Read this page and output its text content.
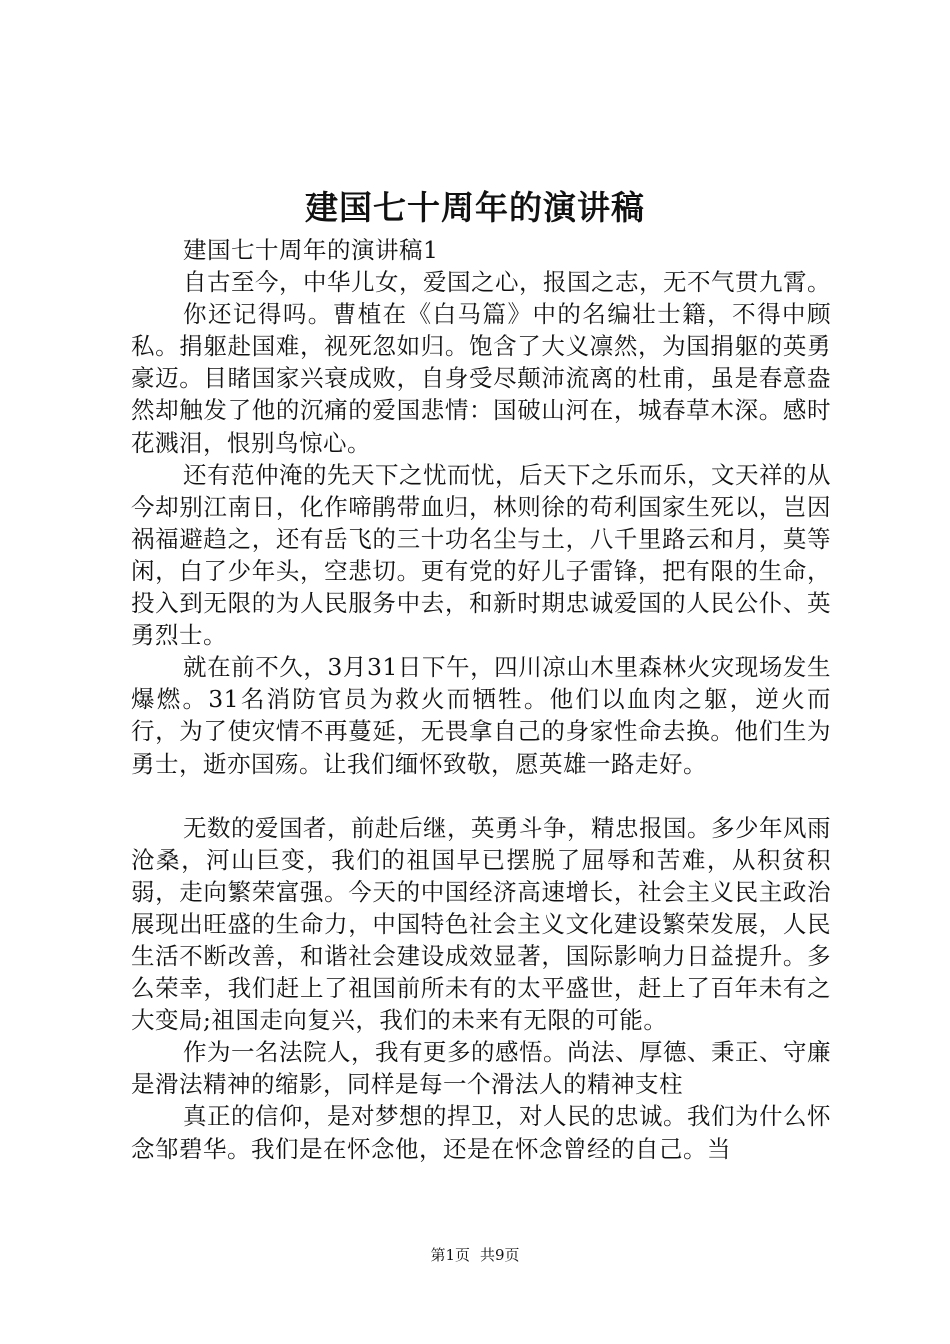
建国七十周年的演讲稿

建国七十周年的演讲稿1

自古至今，中华儿女，爱国之心，报国之志，无不气贯九霄。

你还记得吗。曹植在《白马篇》中的名编壮士籍，不得中顾私。捐躯赴国难，视死忽如归。饱含了大义凛然，为国捐躯的英勇豪迈。目睹国家兴衰成败，自身受尽颠沛流离的杜甫，虽是春意盎然却触发了他的沉痛的爱国悲情：国破山河在，城春草木深。感时花溅泪，恨别鸟惊心。

还有范仲淹的先天下之忧而忧，后天下之乐而乐，文天祥的从今却别江南日，化作啼鹃带血归，林则徐的苟利国家生死以，岂因祸福避趋之，还有岳飞的三十功名尘与土，八千里路云和月，莫等闲，白了少年头，空悲切。更有党的好儿子雷锋，把有限的生命，投入到无限的为人民服务中去，和新时期忠诚爱国的人民公仆、英勇烈士。

就在前不久，3月31日下午，四川凉山木里森林火灾现场发生爆燃。31名消防官员为救火而牺牲。他们以血肉之躯，逆火而行，为了使灾情不再蔓延，无畏拿自己的身家性命去换。他们生为勇士，逝亦国殇。让我们缅怀致敬，愿英雄一路走好。

无数的爱国者，前赴后继，英勇斗争，精忠报国。多少年风雨沧桑，河山巨变，我们的祖国早已摆脱了屈辱和苦难，从积贫积弱，走向繁荣富强。今天的中国经济高速增长，社会主义民主政治展现出旺盛的生命力，中国特色社会主义文化建设繁荣发展，人民生活不断改善，和谐社会建设成效显著，国际影响力日益提升。多么荣幸，我们赶上了祖国前所未有的太平盛世，赶上了百年未有之大变局;祖国走向复兴，我们的未来有无限的可能。

作为一名法院人，我有更多的感悟。尚法、厚德、秉正、守廉是滑法精神的缩影，同样是每一个滑法人的精神支柱

真正的信仰，是对梦想的捍卫，对人民的忠诚。我们为什么怀念邹碧华。我们是在怀念他，还是在怀念曾经的自己。当

第1页 共9页
